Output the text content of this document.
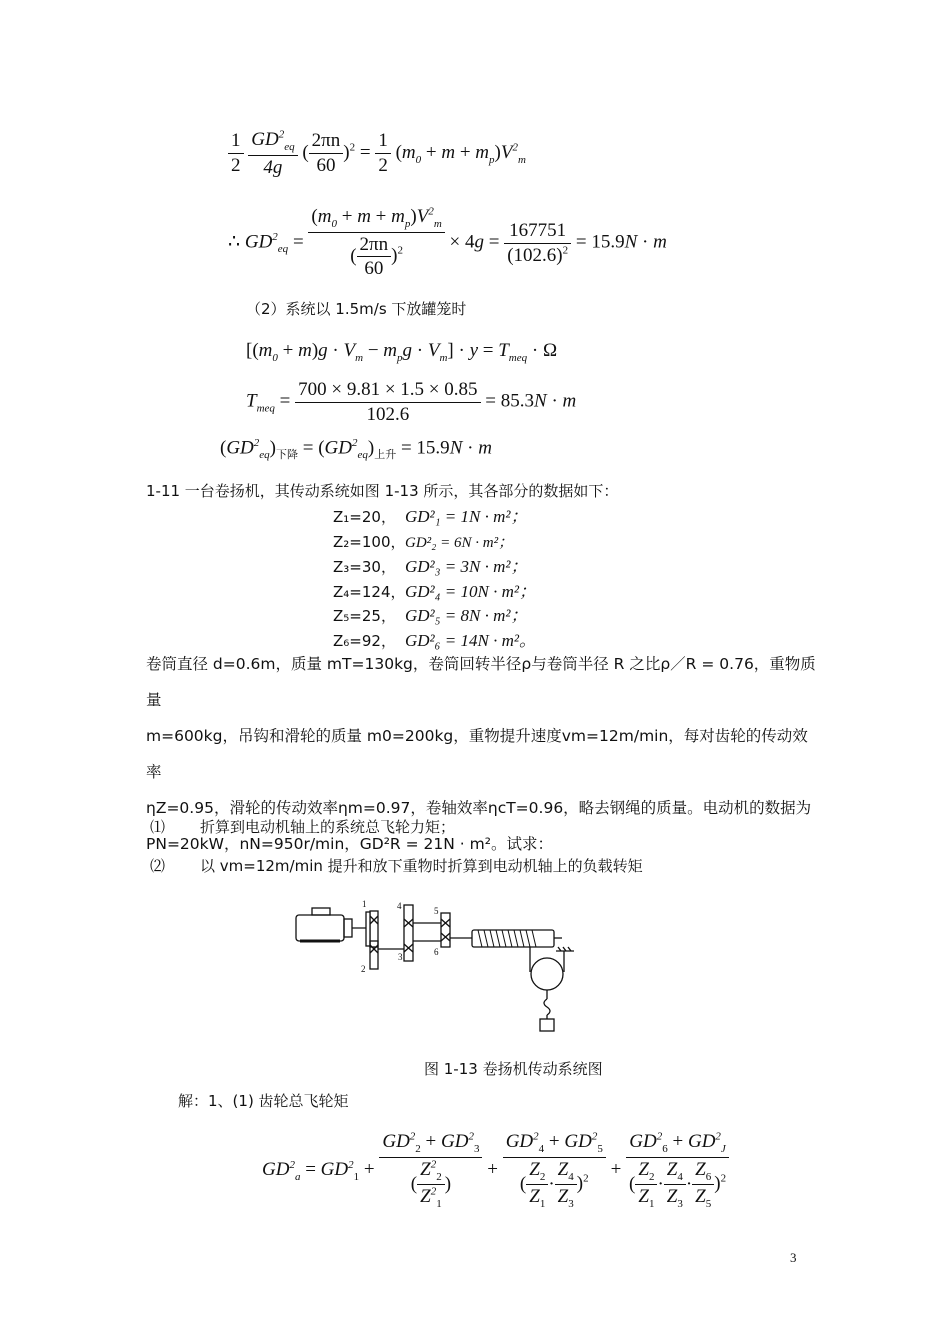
$\frac{1}{2}$
$\frac{GD^2_{eq}}{4g}$ ( $\frac{2\pi n}{60} )^2 = \frac{1}{2} (m_0 + m + m_p)V^2_m$
∴ $GD^2_{eq} = \frac{(m_0 + m + m_p)V^2_m}{( \frac{2\pi n}{60} )^2} \times 4g = \frac{167751}{(102.6)^2} = 15.9N \cdot m$
（2）系统以 1.5m/s 下放罐笼时
$[(m_0 + m)g \cdot V_m - m_pg \cdot V_m] \cdot y = T_{meq} \cdot \Omega$
$T_{meq} = \frac{700 \times 9.81 \times 1.5 \times 0.85}{102.6} = 85.3N \cdot m$
$(GD^2_{eq})_{下降} = (GD^2_{eq})_{上升} = 15.9N \cdot m$
1-11 一台卷扬机，其传动系统如图 1-13 所示，其各部分的数据如下：
Z₁=20， GD²₁ = 1N · m²；
Z₂=100，GD²₂ = 6N · m²；
Z₃=30， GD²₃ = 3N · m²；
Z₄=124，GD²₄ = 10N · m²；
Z₅=25， GD²₅ = 8N · m²；
Z₆=92， GD²₆ = 14N · m²。
卷筒直径 d=0.6m，质量 mT=130kg，卷筒回转半径ρ与卷筒半径 R 之比ρ／R = 0.76，重物质量
m=600kg，吊钩和滑轮的质量 m0=200kg，重物提升速度vm=12m/min，每对齿轮的传动效率
ηZ=0.95，滑轮的传动效率ηm=0.97，卷轴效率ηcT=0.96，略去钢绳的质量。电动机的数据为
PN=20kW，nN=950r/min，GD²R = 21N · m²。试求：
⑴ 折算到电动机轴上的系统总飞轮力矩；
⑵ 以 vm=12m/min 提升和放下重物时折算到电动机轴上的负载转矩
1
2
3
4	5
6
图 1-13 卷扬机传动系统图
解：1、(1) 齿轮总飞轮矩
$GD^2_a = GD^2_1 + \frac{GD^2_2 + GD^2_3}{( \frac{Z^2_2}{Z^2_1} )} + \frac{GD^2_4 + GD^2_5}{( \frac{Z_2}{Z_1} \cdot \frac{Z_4}{Z_3} )^2} + \frac{GD^2_6 + GD^2_J}{( \frac{Z_2}{Z_1} \cdot \frac{Z_4}{Z_3} \cdot \frac{Z_6}{Z_5} )^2}$
3
